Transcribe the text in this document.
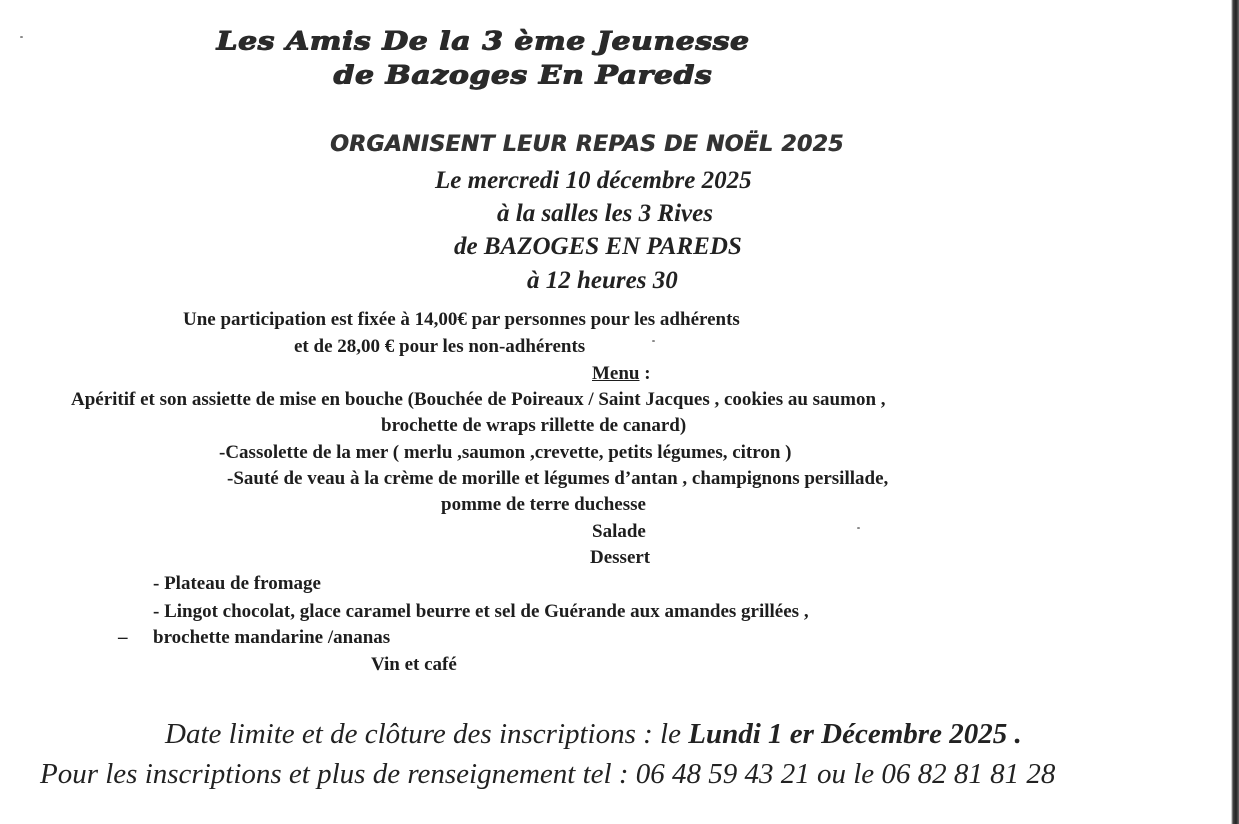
Les Amis De la 3 ème Jeunesse
de Bazoges En Pareds
ORGANISENT LEUR REPAS DE NOËL 2025
Le mercredi 10 décembre 2025
à la salles les 3 Rives
de BAZOGES EN PAREDS
à 12 heures 30
Une participation est fixée à 14,00€ par personnes pour les adhérents
et de 28,00 € pour les non-adhérents
Menu :
Apéritif et son assiette de mise en bouche (Bouchée de Poireaux / Saint Jacques , cookies au saumon ,
brochette de wraps rillette de canard)
-Cassolette de la mer ( merlu ,saumon ,crevette, petits légumes, citron )
-Sauté de veau à la crème de morille et légumes d’antan , champignons persillade,
pomme de terre duchesse
Salade
Dessert
- Plateau de fromage
- Lingot chocolat, glace caramel beurre et sel de Guérande aux amandes grillées ,
– brochette mandarine /ananas
Vin et café
Date limite et de clôture des inscriptions : le Lundi 1 er Décembre 2025 .
Pour les inscriptions et plus de renseignement tel : 06 48 59 43 21 ou le 06 82 81 81 28
